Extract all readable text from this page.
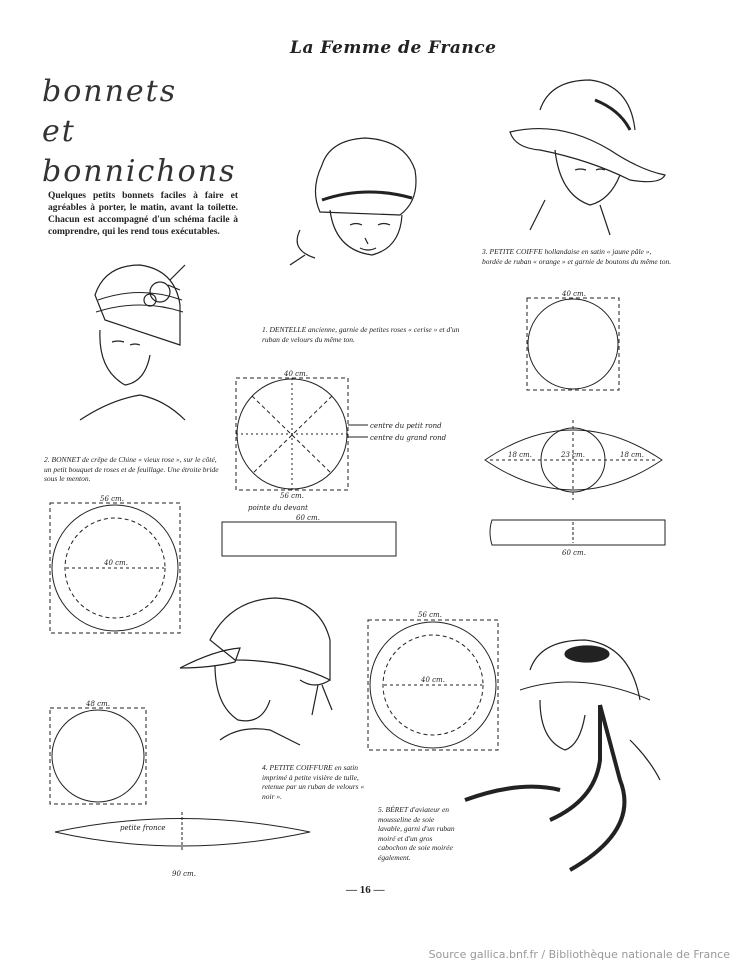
La Femme de France
bonnets
et
bonnichons
Quelques petits bonnets faciles à faire et agréables à porter, le matin, avant la toilette. Chacun est accompagné d'un schéma facile à comprendre, qui les rend tous exécutables.
1. DENTELLE ancienne, garnie de petites roses « cerise » et d'un ruban de velours du même ton.
2. BONNET de crêpe de Chine « vieux rose », sur le côté, un petit bouquet de roses et de feuillage. Une étroite bride sous le menton.
3. PETITE COIFFE hollandaise en satin « jaune pâle », bordée de ruban « orange » et garnie de boutons du même ton.
4. PETITE COIFFURE en satin imprimé à petite visière de tulle, retenue par un ruban de velours « noir ».
5. BÉRET d'aviateur en mousseline de soie lavable, garni d'un ruban moiré et d'un gros cabochon de soie moirée également.
40 cm.
56 cm.
60 cm.
56 cm.
40 cm.
48 cm.
90 cm.
56 cm.
40 cm.
40 cm.
23 cm.
18 cm.	18 cm.
60 cm.
centre du petit rond
centre du grand rond
pointe du devant
petite fronce
— 16 —
Source gallica.bnf.fr / Bibliothèque nationale de France
